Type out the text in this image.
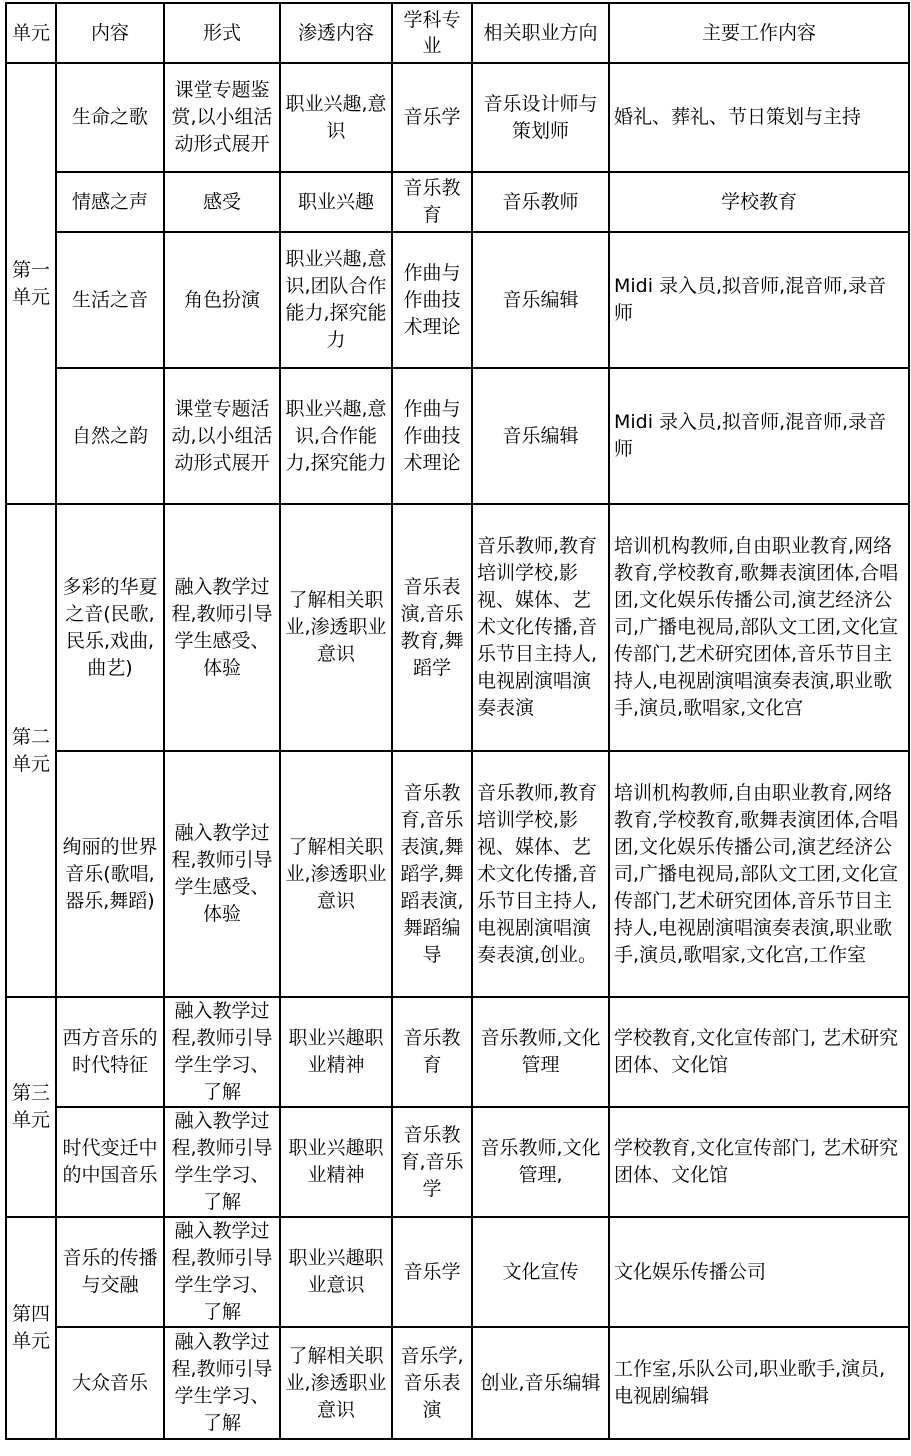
单元	内容	形式	渗透内容	学科专业	相关职业方向	主要工作内容
第一单元	生命之歌	课堂专题鉴赏,以小组活动形式展开	职业兴趣,意识	音乐学	音乐设计师与策划师	婚礼、葬礼、节日策划与主持
	情感之声	感受	职业兴趣	音乐教育	音乐教师	学校教育
	生活之音	角色扮演	职业兴趣,意识,团队合作能力,探究能力	作曲与作曲技术理论	音乐编辑	Midi 录入员,拟音师,混音师,录音师
	自然之韵	课堂专题活动,以小组活动形式展开	职业兴趣,意识,合作能力,探究能力	作曲与作曲技术理论	音乐编辑	Midi 录入员,拟音师,混音师,录音师
第二单元	多彩的华夏之音(民歌,民乐,戏曲,曲艺)	融入教学过程,教师引导学生感受、体验	了解相关职业,渗透职业意识	音乐表演,音乐教育,舞蹈学	音乐教师,教育培训学校,影视、媒体、艺术文化传播,音乐节目主持人,电视剧演唱演奏表演	培训机构教师,自由职业教育,网络教育,学校教育,歌舞表演团体,合唱团,文化娱乐传播公司,演艺经济公司,广播电视局,部队文工团,文化宣传部门,艺术研究团体,音乐节目主持人,电视剧演唱演奏表演,职业歌手,演员,歌唱家,文化宫
	绚丽的世界音乐(歌唱,器乐,舞蹈)	融入教学过程,教师引导学生感受、体验	了解相关职业,渗透职业意识	音乐教育,音乐表演,舞蹈学,舞蹈表演,舞蹈编导	音乐教师,教育培训学校,影视、媒体、艺术文化传播,音乐节目主持人,电视剧演唱演奏表演,创业。	培训机构教师,自由职业教育,网络教育,学校教育,歌舞表演团体,合唱团,文化娱乐传播公司,演艺经济公司,广播电视局,部队文工团,文化宣传部门,艺术研究团体,音乐节目主持人,电视剧演唱演奏表演,职业歌手,演员,歌唱家,文化宫,工作室
第三单元	西方音乐的时代特征	融入教学过程,教师引导学生学习、了解	职业兴趣职业精神	音乐教育	音乐教师,文化管理	学校教育,文化宣传部门, 艺术研究团体、文化馆
	时代变迁中的中国音乐	融入教学过程,教师引导学生学习、了解	职业兴趣职业精神	音乐教育,音乐学	音乐教师,文化管理,	学校教育,文化宣传部门, 艺术研究团体、文化馆
第四单元	音乐的传播与交融	融入教学过程,教师引导学生学习、了解	职业兴趣职业意识	音乐学	文化宣传	文化娱乐传播公司
	大众音乐	融入教学过程,教师引导学生学习、了解	了解相关职业,渗透职业意识	音乐学,音乐表演	创业,音乐编辑	工作室,乐队公司,职业歌手,演员,电视剧编辑
